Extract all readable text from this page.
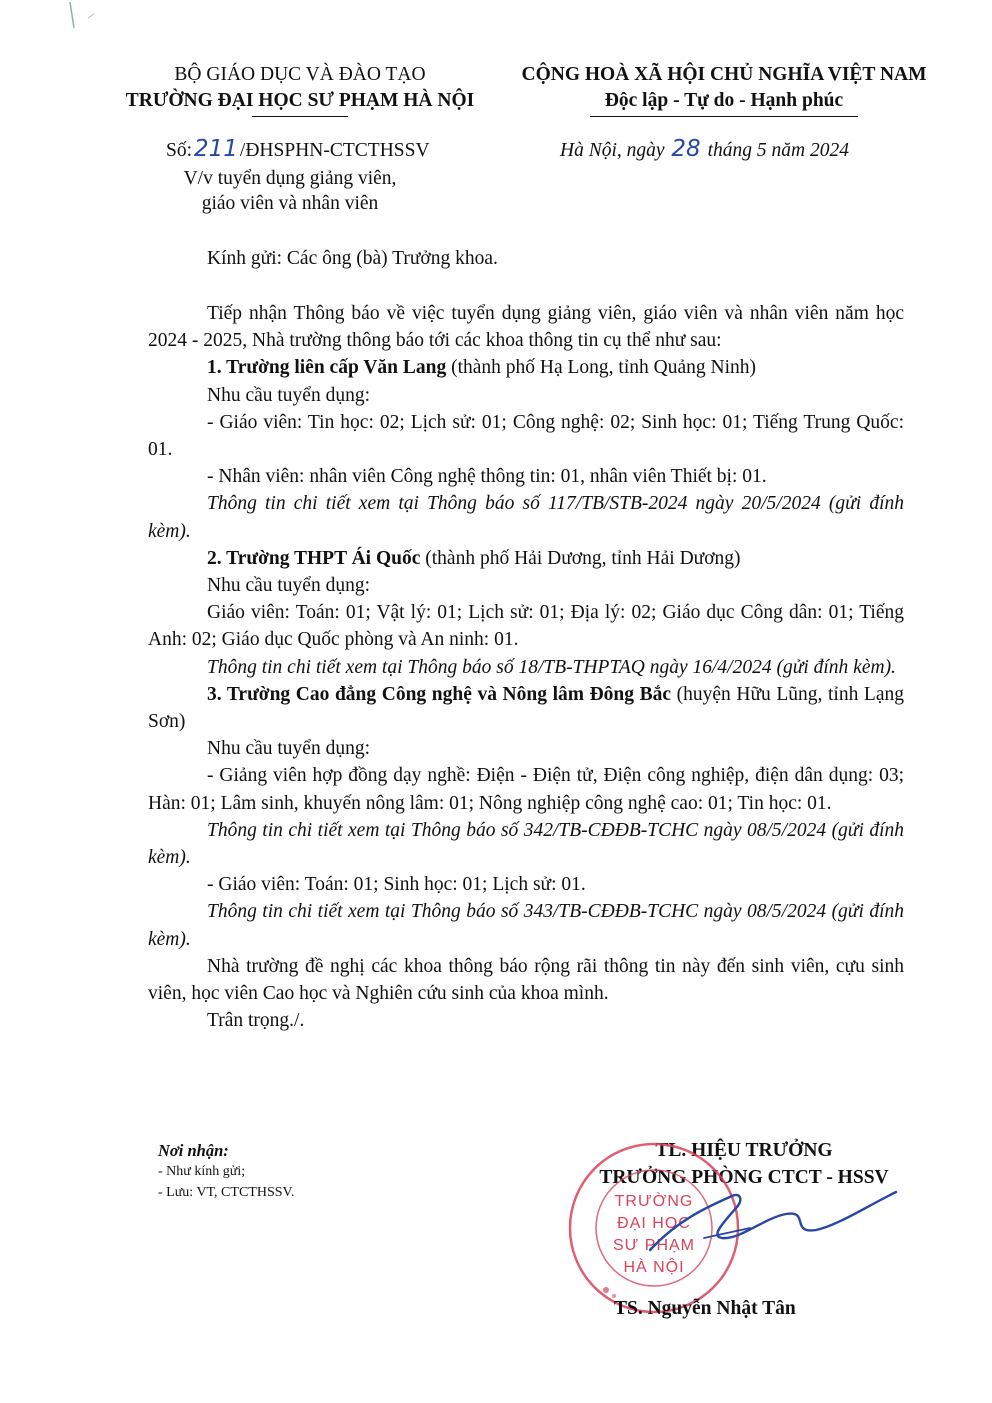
BỘ GIÁO DỤC VÀ ĐÀO TẠO
TRƯỜNG ĐẠI HỌC SƯ PHẠM HÀ NỘI
CỘNG HOÀ XÃ HỘI CHỦ NGHĨA VIỆT NAM
Độc lập - Tự do - Hạnh phúc
Số:211 /ĐHSPHN-CTCTHSSV
V/v tuyển dụng giảng viên,
giáo viên và nhân viên
Hà Nội, ngày 28 tháng 5 năm 2024
Kính gửi: Các ông (bà) Trưởng khoa.

Tiếp nhận Thông báo về việc tuyển dụng giảng viên, giáo viên và nhân viên năm học 2024 - 2025, Nhà trường thông báo tới các khoa thông tin cụ thể như sau:

1. Trường liên cấp Văn Lang (thành phố Hạ Long, tỉnh Quảng Ninh)

Nhu cầu tuyển dụng:

- Giáo viên: Tin học: 02; Lịch sử: 01; Công nghệ: 02; Sinh học: 01; Tiếng Trung Quốc: 01.

- Nhân viên: nhân viên Công nghệ thông tin: 01, nhân viên Thiết bị: 01.

Thông tin chi tiết xem tại Thông báo số 117/TB/STB-2024 ngày 20/5/2024 (gửi đính kèm).

2. Trường THPT Ái Quốc (thành phố Hải Dương, tỉnh Hải Dương)

Nhu cầu tuyển dụng:

Giáo viên: Toán: 01; Vật lý: 01; Lịch sử: 01; Địa lý: 02; Giáo dục Công dân: 01; Tiếng Anh: 02; Giáo dục Quốc phòng và An ninh: 01.

Thông tin chi tiết xem tại Thông báo số 18/TB-THPTAQ ngày 16/4/2024 (gửi đính kèm).

3. Trường Cao đẳng Công nghệ và Nông lâm Đông Bắc (huyện Hữu Lũng, tỉnh Lạng Sơn)

Nhu cầu tuyển dụng:

- Giảng viên hợp đồng dạy nghề: Điện - Điện tử, Điện công nghiệp, điện dân dụng: 03; Hàn: 01; Lâm sinh, khuyến nông lâm: 01; Nông nghiệp công nghệ cao: 01; Tin học: 01.

Thông tin chi tiết xem tại Thông báo số 342/TB-CĐĐB-TCHC ngày 08/5/2024 (gửi đính kèm).

- Giáo viên: Toán: 01; Sinh học: 01; Lịch sử: 01.

Thông tin chi tiết xem tại Thông báo số 343/TB-CĐĐB-TCHC ngày 08/5/2024 (gửi đính kèm).

Nhà trường đề nghị các khoa thông báo rộng rãi thông tin này đến sinh viên, cựu sinh viên, học viên Cao học và Nghiên cứu sinh của khoa mình.

Trân trọng./.

Nơi nhận:
- Như kính gửi;
- Lưu: VT, CTCTHSSV.
TL. HIỆU TRƯỞNG
TRƯỞNG PHÒNG CTCT - HSSV
TRƯỜNG
ĐẠI HỌC
SƯ PHẠM
HÀ NỘI
TS. Nguyễn Nhật Tân
